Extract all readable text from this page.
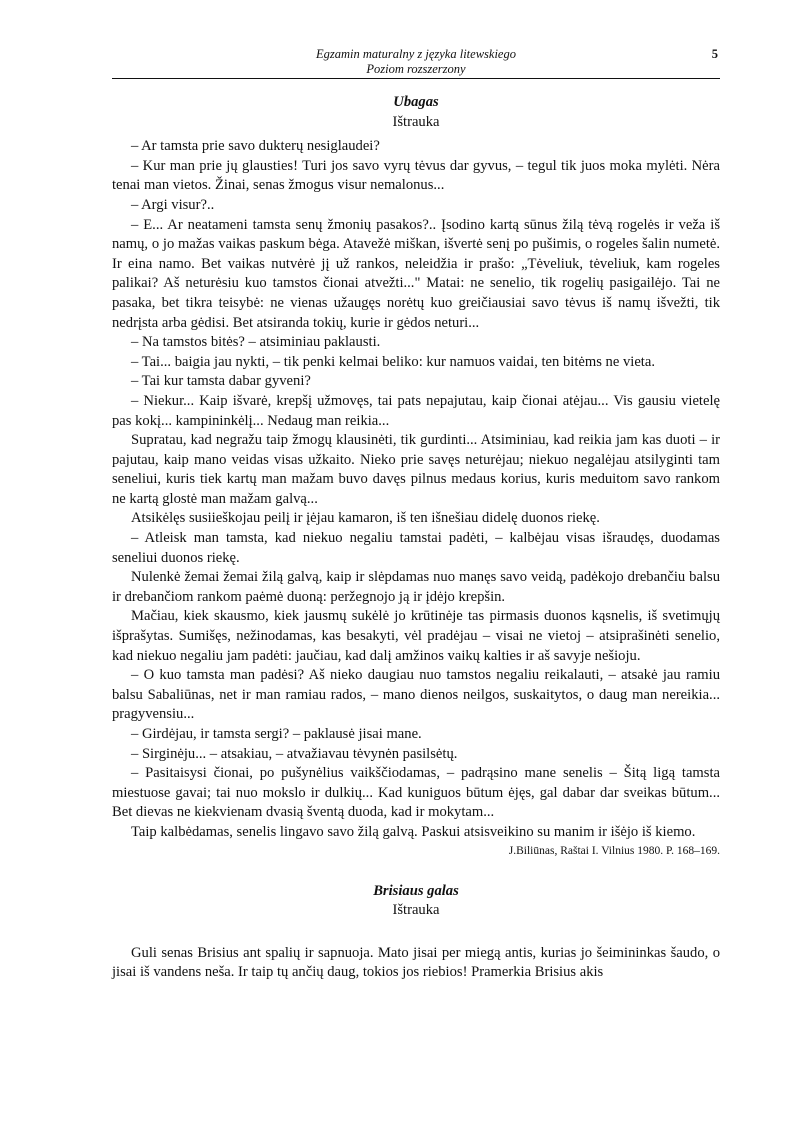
Egzamin maturalny z języka litewskiego
Poziom rozszerzony
5
Ubagas
Ištrauka

– Ar tamsta prie savo dukterų nesiglaudei?

– Kur man prie jų glausties! Turi jos savo vyrų tėvus dar gyvus, – tegul tik juos moka mylėti. Nėra tenai man vietos. Žinai, senas žmogus visur nemalonus...

– Argi visur?..

– E... Ar neatameni tamsta senų žmonių pasakos?.. Įsodino kartą sūnus žilą tėvą rogelės ir veža iš namų, o jo mažas vaikas paskum bėga. Atavežė miškan, išvertė senį po pušimis, o rogeles šalin numetė. Ir eina namo. Bet vaikas nutvėrė jį už rankos, neleidžia ir prašo: „Tėveliuk, tėveliuk, kam rogeles palikai? Aš neturėsiu kuo tamstos čionai atvežti..." Matai: ne senelio, tik rogelių pasigailėjo. Tai ne pasaka, bet tikra teisybė: ne vienas užaugęs norėtų kuo greičiausiai savo tėvus iš namų išvežti, tik nedrįsta arba gėdisi. Bet atsiranda tokių, kurie ir gėdos neturi...

– Na tamstos bitės? – atsiminiau paklausti.

– Tai... baigia jau nykti, – tik penki kelmai beliko: kur namuos vaidai, ten bitėms ne vieta.

– Tai kur tamsta dabar gyveni?

– Niekur... Kaip išvarė, krepšį užmovęs, tai pats nepajutau, kaip čionai atėjau... Vis gausiu vietelę pas kokį... kampininkėlį... Nedaug man reikia...

Supratau, kad negražu taip žmogų klausinėti, tik gurdinti... Atsiminiau, kad reikia jam kas duoti – ir pajutau, kaip mano veidas visas užkaito. Nieko prie savęs neturėjau; niekuo negalėjau atsilyginti tam seneliui, kuris tiek kartų man mažam buvo davęs pilnus medaus korius, kuris meduitom savo rankom ne kartą glostė man mažam galvą...

Atsikėlęs susiieškojau peilį ir įėjau kamaron, iš ten išnešiau didelę duonos riekę.

– Atleisk man tamsta, kad niekuo negaliu tamstai padėti, – kalbėjau visas išraudęs, duodamas seneliui duonos riekę.

Nulenkė žemai žemai žilą galvą, kaip ir slėpdamas nuo manęs savo veidą, padėkojo drebančiu balsu ir drebančiom rankom paėmė duoną: peržegnojo ją ir įdėjo krepšin.

Mačiau, kiek skausmo, kiek jausmų sukėlė jo krūtinėje tas pirmasis duonos kąsnelis, iš svetimųjų išprašytas. Sumišęs, nežinodamas, kas besakyti, vėl pradėjau – visai ne vietoj – atsiprašinėti senelio, kad niekuo negaliu jam padėti: jaučiau, kad dalį amžinos vaikų kalties ir aš savyje nešioju.

– O kuo tamsta man padėsi? Aš nieko daugiau nuo tamstos negaliu reikalauti, – atsakė jau ramiu balsu Sabaliūnas, net ir man ramiau rados, – mano dienos neilgos, suskaitytos, o daug man nereikia... pragyvensiu...

– Girdėjau, ir tamsta sergi? – paklausė jisai mane.

– Sirginėju... – atsakiau, – atvažiavau tėvynėn pasilsėtų.

– Pasitaisysi čionai, po pušynėlius vaikščiodamas, – padrąsino mane senelis – Šitą ligą tamsta miestuose gavai; tai nuo mokslo ir dulkių... Kad kuniguos būtum ėjęs, gal dabar dar sveikas būtum... Bet dievas ne kiekvienam dvasią šventą duoda, kad ir mokytam...

Taip kalbėdamas, senelis lingavo savo žilą galvą. Paskui atsisveikino su manim ir išėjo iš kiemo.

J.Biliūnas, Raštai I. Vilnius 1980. P. 168–169.
Brisiaus galas
Ištrauka

Guli senas Brisius ant spalių ir sapnuoja. Mato jisai per miegą antis, kurias jo šeimininkas šaudo, o jisai iš vandens neša. Ir taip tų ančių daug, tokios jos riebios! Pramerkia Brisius akis
